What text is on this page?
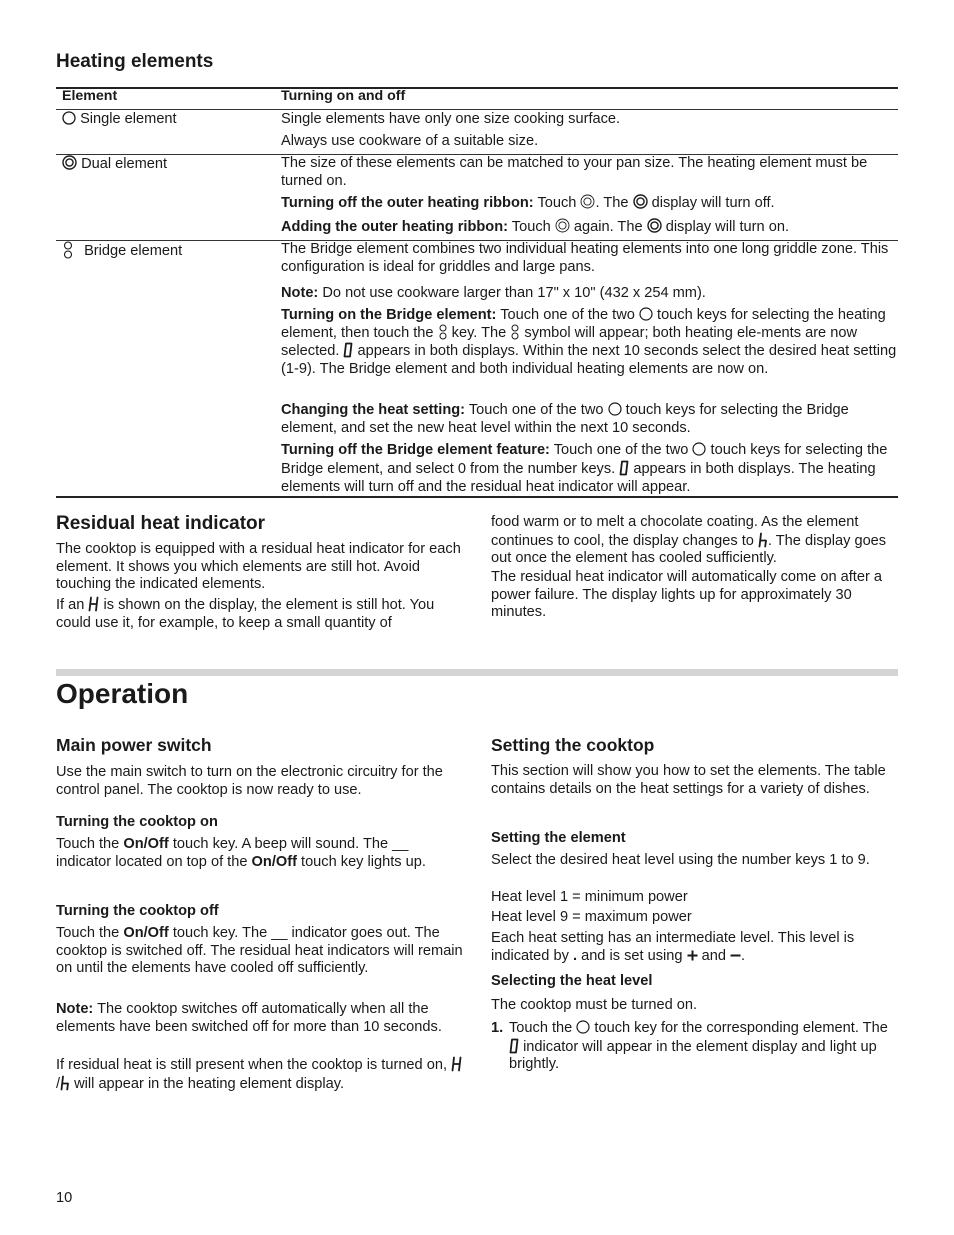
Heating elements
Element	Turning on and off
Single element	Single elements have only one size cooking surface.

Always use cookware of a suitable size.

Dual element	The size of these elements can be matched to your pan size. The heating element must be turned on.

Turning off the outer heating ribbon: Touch . The display will turn off.

Adding the outer heating ribbon: Touch again. The display will turn on.

Bridge element	The Bridge element combines two individual heating elements into one long griddle zone. This configuration is ideal for griddles and large pans.

Note: Do not use cookware larger than 17" x 10" (432 x 254 mm).

Turning on the Bridge element: Touch one of the two touch keys for selecting the heating element, then touch the key. The symbol will appear; both heating ele-ments are now selected. appears in both displays. Within the next 10 seconds select the desired heat setting (1-9). The Bridge element and both individual heating elements are now on.

Changing the heat setting: Touch one of the two touch keys for selecting the Bridge element, and set the new heat level within the next 10 seconds.

Turning off the Bridge element feature: Touch one of the two touch keys for selecting the Bridge element, and select 0 from the number keys. appears in both displays. The heating elements will turn off and the residual heat indicator will appear.

Residual heat indicator

The cooktop is equipped with a residual heat indicator for each element. It shows you which elements are still hot. Avoid touching the indicated elements.

If an is shown on the display, the element is still hot. You could use it, for example, to keep a small quantity of

food warm or to melt a chocolate coating. As the element continues to cool, the display changes to . The display goes out once the element has cooled sufficiently.

The residual heat indicator will automatically come on after a power failure. The display lights up for approximately 30 minutes.

Operation
Main power switch

Use the main switch to turn on the electronic circuitry for the control panel. The cooktop is now ready to use.

Turning the cooktop on

Touch the On/Off touch key. A beep will sound. The __ indicator located on top of the On/Off touch key lights up.

Turning the cooktop off

Touch the On/Off touch key. The __ indicator goes out. The cooktop is switched off. The residual heat indicators will remain on until the elements have cooled off sufficiently.

Note: The cooktop switches off automatically when all the elements have been switched off for more than 10 seconds.

If residual heat is still present when the cooktop is turned on, / will appear in the heating element display.

Setting the cooktop

This section will show you how to set the elements. The table contains details on the heat settings for a variety of dishes.

Setting the element

Select the desired heat level using the number keys 1 to 9.

Heat level 1 = minimum power

Heat level 9 = maximum power

Each heat setting has an intermediate level. This level is indicated by . and is set using and .

Selecting the heat level

The cooktop must be turned on.

1. Touch the touch key for the corresponding element. The  indicator will appear in the element display and light up brightly.

10
